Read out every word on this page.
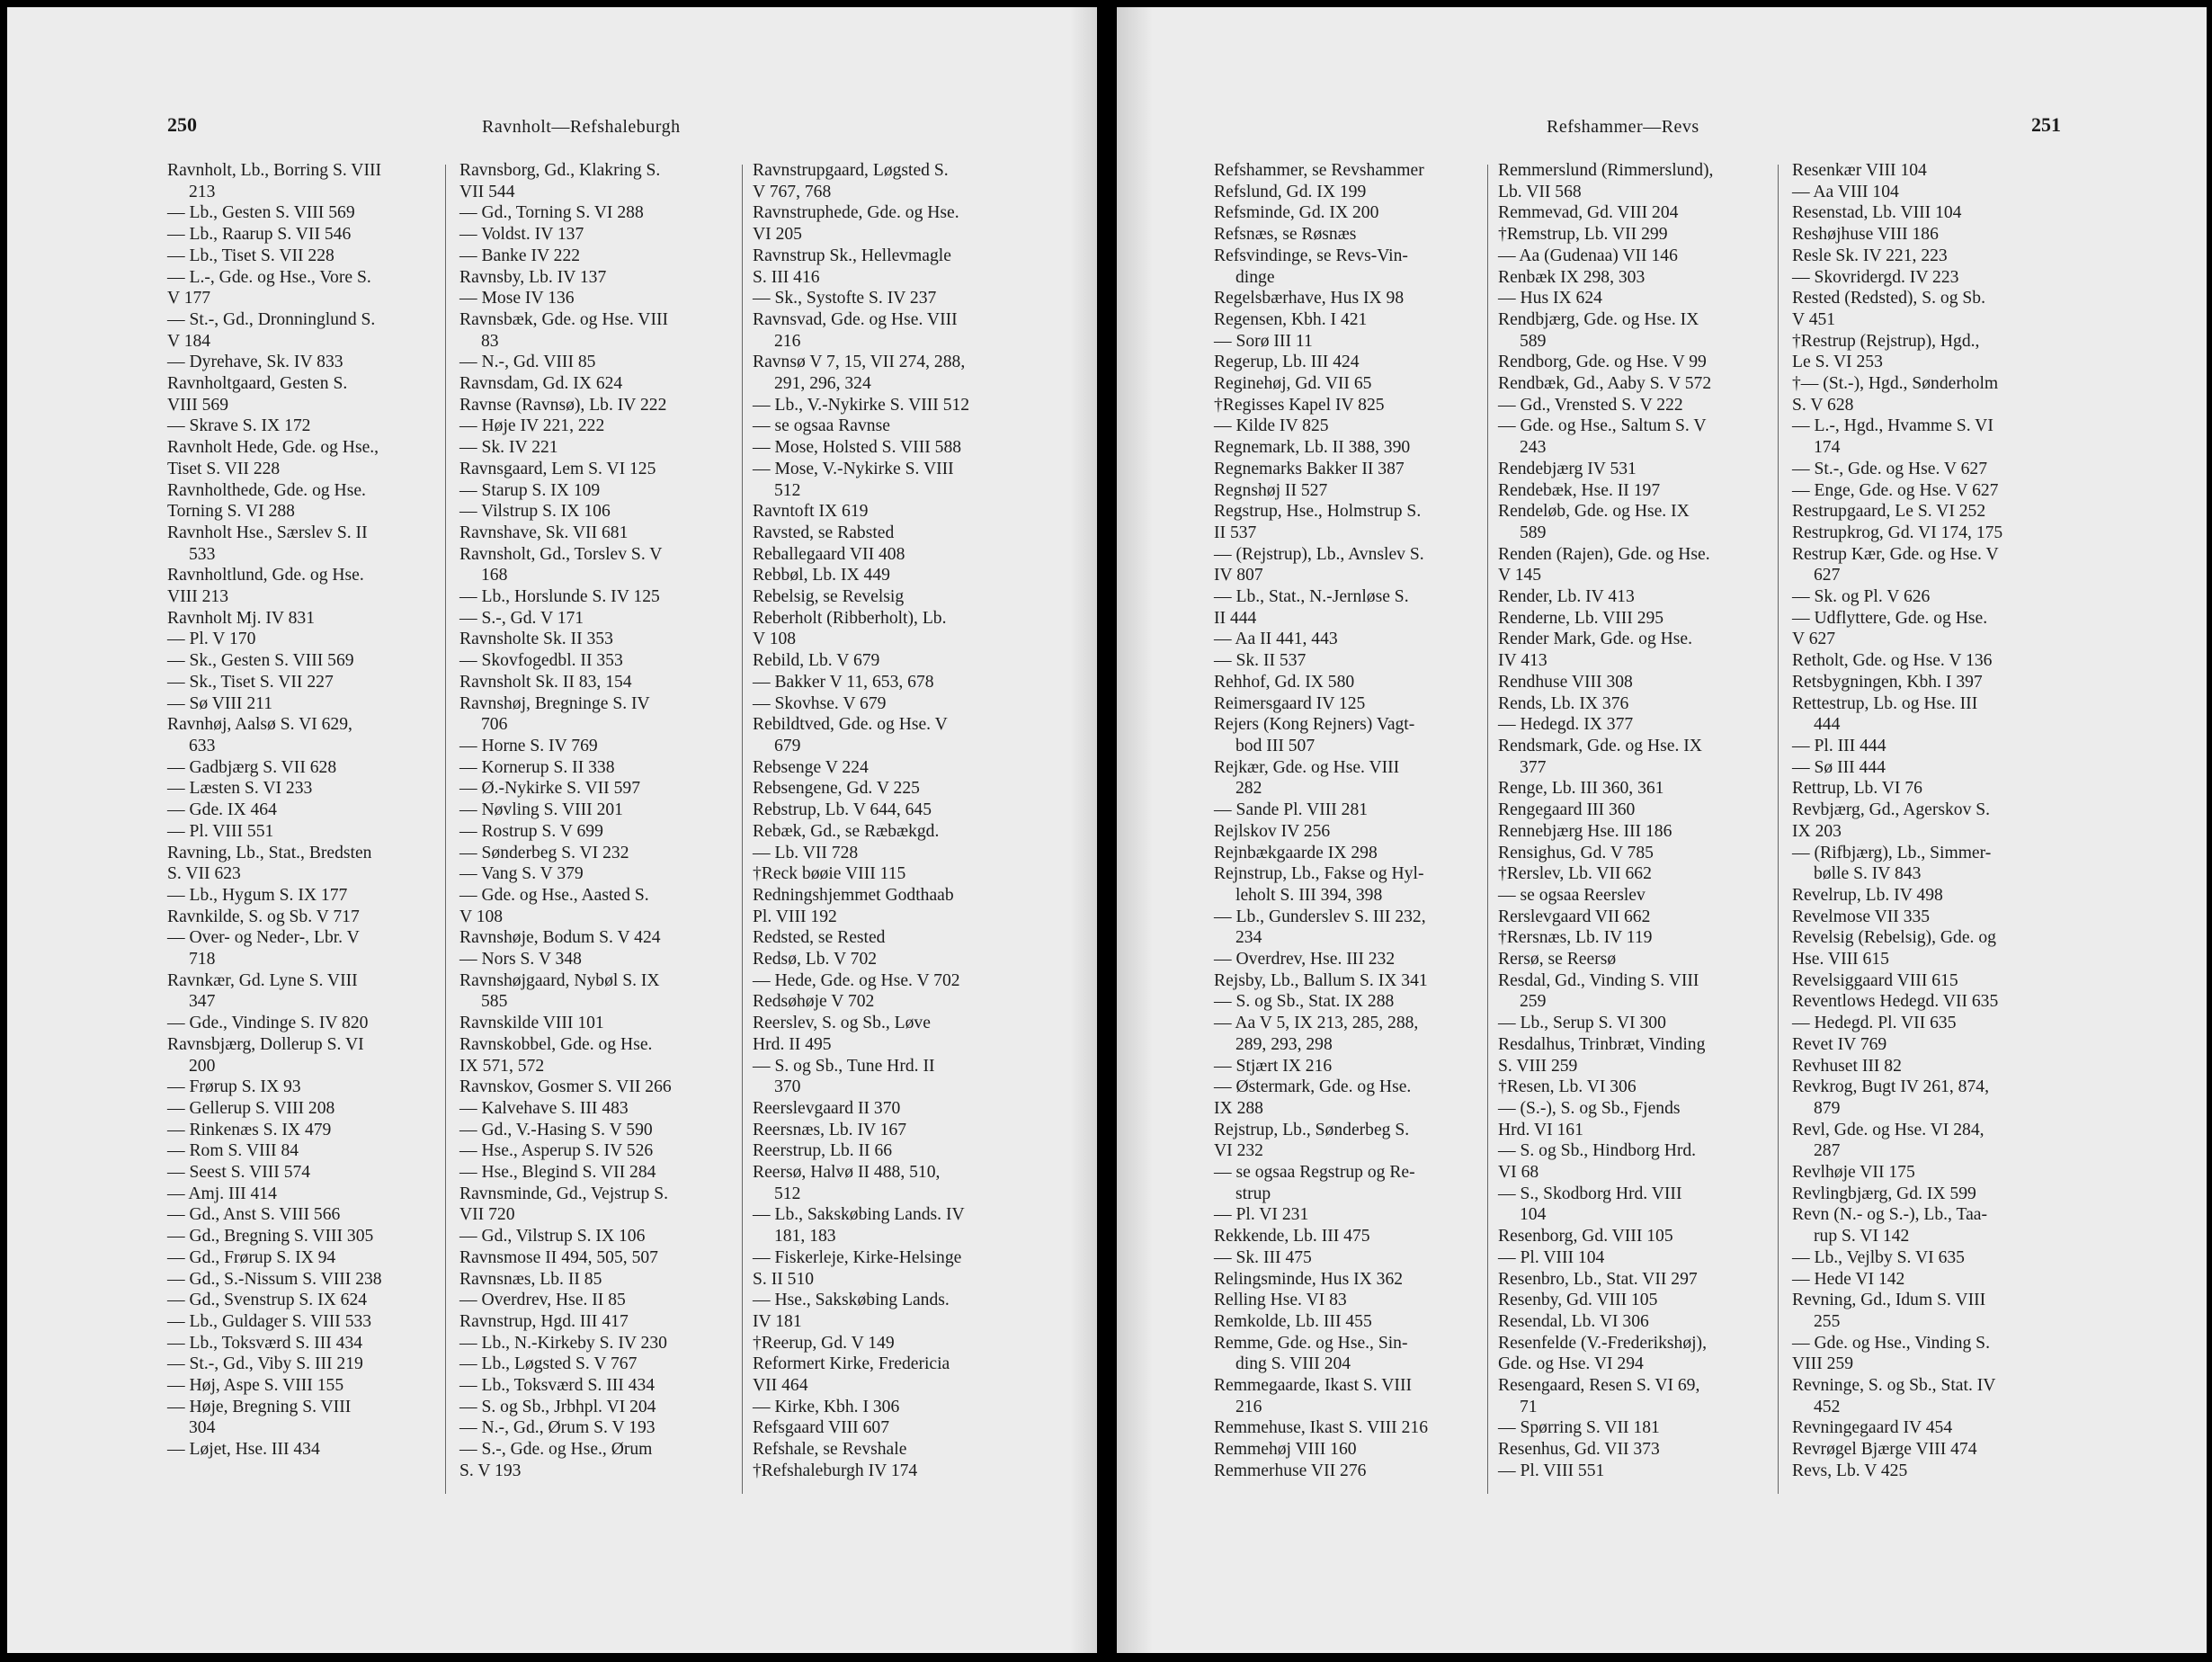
250	Ravnholt—Refshaleburgh
Ravnholt, Lb., Borring S. VIII
213
— Lb., Gesten S. VIII 569
— Lb., Raarup S. VII 546
— Lb., Tiset S. VII 228
— L.-, Gde. og Hse., Vore S.
V 177
— St.-, Gd., Dronninglund S.
V 184
— Dyrehave, Sk. IV 833
Ravnholtgaard, Gesten S.
VIII 569
— Skrave S. IX 172
Ravnholt Hede, Gde. og Hse.,
Tiset S. VII 228
Ravnholthede, Gde. og Hse.
Torning S. VI 288
Ravnholt Hse., Særslev S. II
533
Ravnholtlund, Gde. og Hse.
VIII 213
Ravnholt Mj. IV 831
— Pl. V 170
— Sk., Gesten S. VIII 569
— Sk., Tiset S. VII 227
— Sø VIII 211
Ravnhøj, Aalsø S. VI 629,
633
— Gadbjærg S. VII 628
— Læsten S. VI 233
— Gde. IX 464
— Pl. VIII 551
Ravning, Lb., Stat., Bredsten
S. VII 623
— Lb., Hygum S. IX 177
Ravnkilde, S. og Sb. V 717
— Over- og Neder-, Lbr. V
718
Ravnkær, Gd. Lyne S. VIII
347
— Gde., Vindinge S. IV 820
Ravnsbjærg, Dollerup S. VI
200
— Frørup S. IX 93
— Gellerup S. VIII 208
— Rinkenæs S. IX 479
— Rom S. VIII 84
— Seest S. VIII 574
— Amj. III 414
— Gd., Anst S. VIII 566
— Gd., Bregning S. VIII 305
— Gd., Frørup S. IX 94
— Gd., S.-Nissum S. VIII 238
— Gd., Svenstrup S. IX 624
— Lb., Guldager S. VIII 533
— Lb., Toksværd S. III 434
— St.-, Gd., Viby S. III 219
— Høj, Aspe S. VIII 155
— Høje, Bregning S. VIII
304
— Løjet, Hse. III 434
Ravnsborg, Gd., Klakring S.
VII 544
— Gd., Torning S. VI 288
— Voldst. IV 137
— Banke IV 222
Ravnsby, Lb. IV 137
— Mose IV 136
Ravnsbæk, Gde. og Hse. VIII
83
— N.-, Gd. VIII 85
Ravnsdam, Gd. IX 624
Ravnse (Ravnsø), Lb. IV 222
— Høje IV 221, 222
— Sk. IV 221
Ravnsgaard, Lem S. VI 125
— Starup S. IX 109
— Vilstrup S. IX 106
Ravnshave, Sk. VII 681
Ravnsholt, Gd., Torslev S. V
168
— Lb., Horslunde S. IV 125
— S.-, Gd. V 171
Ravnsholte Sk. II 353
— Skovfogedbl. II 353
Ravnsholt Sk. II 83, 154
Ravnshøj, Bregninge S. IV
706
— Horne S. IV 769
— Kornerup S. II 338
— Ø.-Nykirke S. VII 597
— Nøvling S. VIII 201
— Rostrup S. V 699
— Sønderbeg S. VI 232
— Vang S. V 379
— Gde. og Hse., Aasted S.
V 108
Ravnshøje, Bodum S. V 424
— Nors S. V 348
Ravnshøjgaard, Nybøl S. IX
585
Ravnskilde VIII 101
Ravnskobbel, Gde. og Hse.
IX 571, 572
Ravnskov, Gosmer S. VII 266
— Kalvehave S. III 483
— Gd., V.-Hasing S. V 590
— Hse., Asperup S. IV 526
— Hse., Blegind S. VII 284
Ravnsminde, Gd., Vejstrup S.
VII 720
— Gd., Vilstrup S. IX 106
Ravnsmose II 494, 505, 507
Ravnsnæs, Lb. II 85
— Overdrev, Hse. II 85
Ravnstrup, Hgd. III 417
— Lb., N.-Kirkeby S. IV 230
— Lb., Løgsted S. V 767
— Lb., Toksværd S. III 434
— S. og Sb., Jrbhpl. VI 204
— N.-, Gd., Ørum S. V 193
— S.-, Gde. og Hse., Ørum
S. V 193
Ravnstrupgaard, Løgsted S.
V 767, 768
Ravnstruphede, Gde. og Hse.
VI 205
Ravnstrup Sk., Hellevmagle
S. III 416
— Sk., Systofte S. IV 237
Ravnsvad, Gde. og Hse. VIII
216
Ravnsø V 7, 15, VII 274, 288,
291, 296, 324
— Lb., V.-Nykirke S. VIII 512
— se ogsaa Ravnse
— Mose, Holsted S. VIII 588
— Mose, V.-Nykirke S. VIII
512
Ravntoft IX 619
Ravsted, se Rabsted
Reballegaard VII 408
Rebbøl, Lb. IX 449
Rebelsig, se Revelsig
Reberholt (Ribberholt), Lb.
V 108
Rebild, Lb. V 679
— Bakker V 11, 653, 678
— Skovhse. V 679
Rebildtved, Gde. og Hse. V
679
Rebsenge V 224
Rebsengene, Gd. V 225
Rebstrup, Lb. V 644, 645
Rebæk, Gd., se Ræbækgd.
— Lb. VII 728
†Reck bøøie VIII 115
Redningshjemmet Godthaab
Pl. VIII 192
Redsted, se Rested
Redsø, Lb. V 702
— Hede, Gde. og Hse. V 702
Redsøhøje V 702
Reerslev, S. og Sb., Løve
Hrd. II 495
— S. og Sb., Tune Hrd. II
370
Reerslevgaard II 370
Reersnæs, Lb. IV 167
Reerstrup, Lb. II 66
Reersø, Halvø II 488, 510,
512
— Lb., Sakskøbing Lands. IV
181, 183
— Fiskerleje, Kirke-Helsinge
S. II 510
— Hse., Sakskøbing Lands.
IV 181
†Reerup, Gd. V 149
Reformert Kirke, Fredericia
VII 464
— Kirke, Kbh. I 306
Refsgaard VIII 607
Refshale, se Revshale
†Refshaleburgh IV 174
Refshammer—Revs	251
Refshammer, se Revshammer
Refslund, Gd. IX 199
Refsminde, Gd. IX 200
Refsnæs, se Røsnæs
Refsvindinge, se Revs-Vin-
dinge
Regelsbærhave, Hus IX 98
Regensen, Kbh. I 421
— Sorø III 11
Regerup, Lb. III 424
Reginehøj, Gd. VII 65
†Regisses Kapel IV 825
— Kilde IV 825
Regnemark, Lb. II 388, 390
Regnemarks Bakker II 387
Regnshøj II 527
Regstrup, Hse., Holmstrup S.
II 537
— (Rejstrup), Lb., Avnslev S.
IV 807
— Lb., Stat., N.-Jernløse S.
II 444
— Aa II 441, 443
— Sk. II 537
Rehhof, Gd. IX 580
Reimersgaard IV 125
Rejers (Kong Rejners) Vagt-
bod III 507
Rejkær, Gde. og Hse. VIII
282
— Sande Pl. VIII 281
Rejlskov IV 256
Rejnbækgaarde IX 298
Rejnstrup, Lb., Fakse og Hyl-
leholt S. III 394, 398
— Lb., Gunderslev S. III 232,
234
— Overdrev, Hse. III 232
Rejsby, Lb., Ballum S. IX 341
— S. og Sb., Stat. IX 288
— Aa V 5, IX 213, 285, 288,
289, 293, 298
— Stjært IX 216
— Østermark, Gde. og Hse.
IX 288
Rejstrup, Lb., Sønderbeg S.
VI 232
— se ogsaa Regstrup og Re-
strup
— Pl. VI 231
Rekkende, Lb. III 475
— Sk. III 475
Relingsminde, Hus IX 362
Relling Hse. VI 83
Remkolde, Lb. III 455
Remme, Gde. og Hse., Sin-
ding S. VIII 204
Remmegaarde, Ikast S. VIII
216
Remmehuse, Ikast S. VIII 216
Remmehøj VIII 160
Remmerhuse VII 276
Remmerslund (Rimmerslund),
Lb. VII 568
Remmevad, Gd. VIII 204
†Remstrup, Lb. VII 299
— Aa (Gudenaa) VII 146
Renbæk IX 298, 303
— Hus IX 624
Rendbjærg, Gde. og Hse. IX
589
Rendborg, Gde. og Hse. V 99
Rendbæk, Gd., Aaby S. V 572
— Gd., Vrensted S. V 222
— Gde. og Hse., Saltum S. V
243
Rendebjærg IV 531
Rendebæk, Hse. II 197
Rendeløb, Gde. og Hse. IX
589
Renden (Rajen), Gde. og Hse.
V 145
Render, Lb. IV 413
Renderne, Lb. VIII 295
Render Mark, Gde. og Hse.
IV 413
Rendhuse VIII 308
Rends, Lb. IX 376
— Hedegd. IX 377
Rendsmark, Gde. og Hse. IX
377
Renge, Lb. III 360, 361
Rengegaard III 360
Rennebjærg Hse. III 186
Rensighus, Gd. V 785
†Rerslev, Lb. VII 662
— se ogsaa Reerslev
Rerslevgaard VII 662
†Rersnæs, Lb. IV 119
Rersø, se Reersø
Resdal, Gd., Vinding S. VIII
259
— Lb., Serup S. VI 300
Resdalhus, Trinbræt, Vinding
S. VIII 259
†Resen, Lb. VI 306
— (S.-), S. og Sb., Fjends
Hrd. VI 161
— S. og Sb., Hindborg Hrd.
VI 68
— S., Skodborg Hrd. VIII
104
Resenborg, Gd. VIII 105
— Pl. VIII 104
Resenbro, Lb., Stat. VII 297
Resenby, Gd. VIII 105
Resendal, Lb. VI 306
Resenfelde (V.-Frederikshøj),
Gde. og Hse. VI 294
Resengaard, Resen S. VI 69,
71
— Spørring S. VII 181
Resenhus, Gd. VII 373
— Pl. VIII 551
Resenkær VIII 104
— Aa VIII 104
Resenstad, Lb. VIII 104
Reshøjhuse VIII 186
Resle Sk. IV 221, 223
— Skovridergd. IV 223
Rested (Redsted), S. og Sb.
V 451
†Restrup (Rejstrup), Hgd.,
Le S. VI 253
†— (St.-), Hgd., Sønderholm
S. V 628
— L.-, Hgd., Hvamme S. VI
174
— St.-, Gde. og Hse. V 627
— Enge, Gde. og Hse. V 627
Restrupgaard, Le S. VI 252
Restrupkrog, Gd. VI 174, 175
Restrup Kær, Gde. og Hse. V
627
— Sk. og Pl. V 626
— Udflyttere, Gde. og Hse.
V 627
Retholt, Gde. og Hse. V 136
Retsbygningen, Kbh. I 397
Rettestrup, Lb. og Hse. III
444
— Pl. III 444
— Sø III 444
Rettrup, Lb. VI 76
Revbjærg, Gd., Agerskov S.
IX 203
— (Rifbjærg), Lb., Simmer-
bølle S. IV 843
Revelrup, Lb. IV 498
Revelmose VII 335
Revelsig (Rebelsig), Gde. og
Hse. VIII 615
Revelsiggaard VIII 615
Reventlows Hedegd. VII 635
— Hedegd. Pl. VII 635
Revet IV 769
Revhuset III 82
Revkrog, Bugt IV 261, 874,
879
Revl, Gde. og Hse. VI 284,
287
Revlhøje VII 175
Revlingbjærg, Gd. IX 599
Revn (N.- og S.-), Lb., Taa-
rup S. VI 142
— Lb., Vejlby S. VI 635
— Hede VI 142
Revning, Gd., Idum S. VIII
255
— Gde. og Hse., Vinding S.
VIII 259
Revninge, S. og Sb., Stat. IV
452
Revningegaard IV 454
Revrøgel Bjærge VIII 474
Revs, Lb. V 425
